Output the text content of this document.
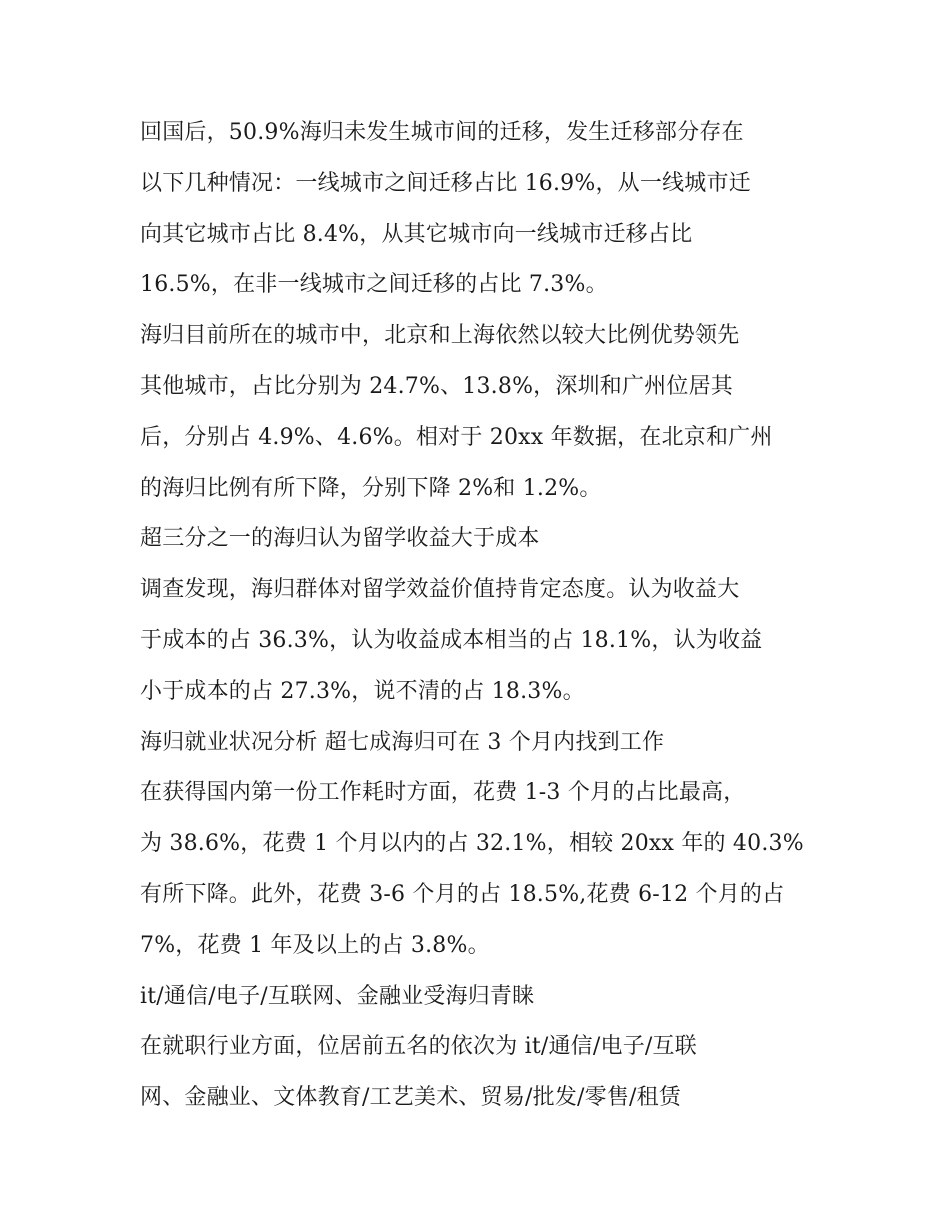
回国后，50.9%海归未发生城市间的迁移，发生迁移部分存在
以下几种情况：一线城市之间迁移占比 16.9%，从一线城市迁
向其它城市占比 8.4%，从其它城市向一线城市迁移占比
16.5%，在非一线城市之间迁移的占比 7.3%。
海归目前所在的城市中，北京和上海依然以较大比例优势领先
其他城市，占比分别为 24.7%、13.8%，深圳和广州位居其
后，分别占 4.9%、4.6%。相对于 20xx 年数据，在北京和广州
的海归比例有所下降，分别下降 2%和 1.2%。
超三分之一的海归认为留学收益大于成本
调查发现，海归群体对留学效益价值持肯定态度。认为收益大
于成本的占 36.3%，认为收益成本相当的占 18.1%，认为收益
小于成本的占 27.3%，说不清的占 18.3%。
海归就业状况分析 超七成海归可在 3 个月内找到工作
在获得国内第一份工作耗时方面，花费 1-3 个月的占比最高，
为 38.6%，花费 1 个月以内的占 32.1%，相较 20xx 年的 40.3%
有所下降。此外，花费 3-6 个月的占 18.5%,花费 6-12 个月的占
7%，花费 1 年及以上的占 3.8%。
it/通信/电子/互联网、金融业受海归青睐
在就职行业方面，位居前五名的依次为 it/通信/电子/互联
网、金融业、文体教育/工艺美术、贸易/批发/零售/租赁
